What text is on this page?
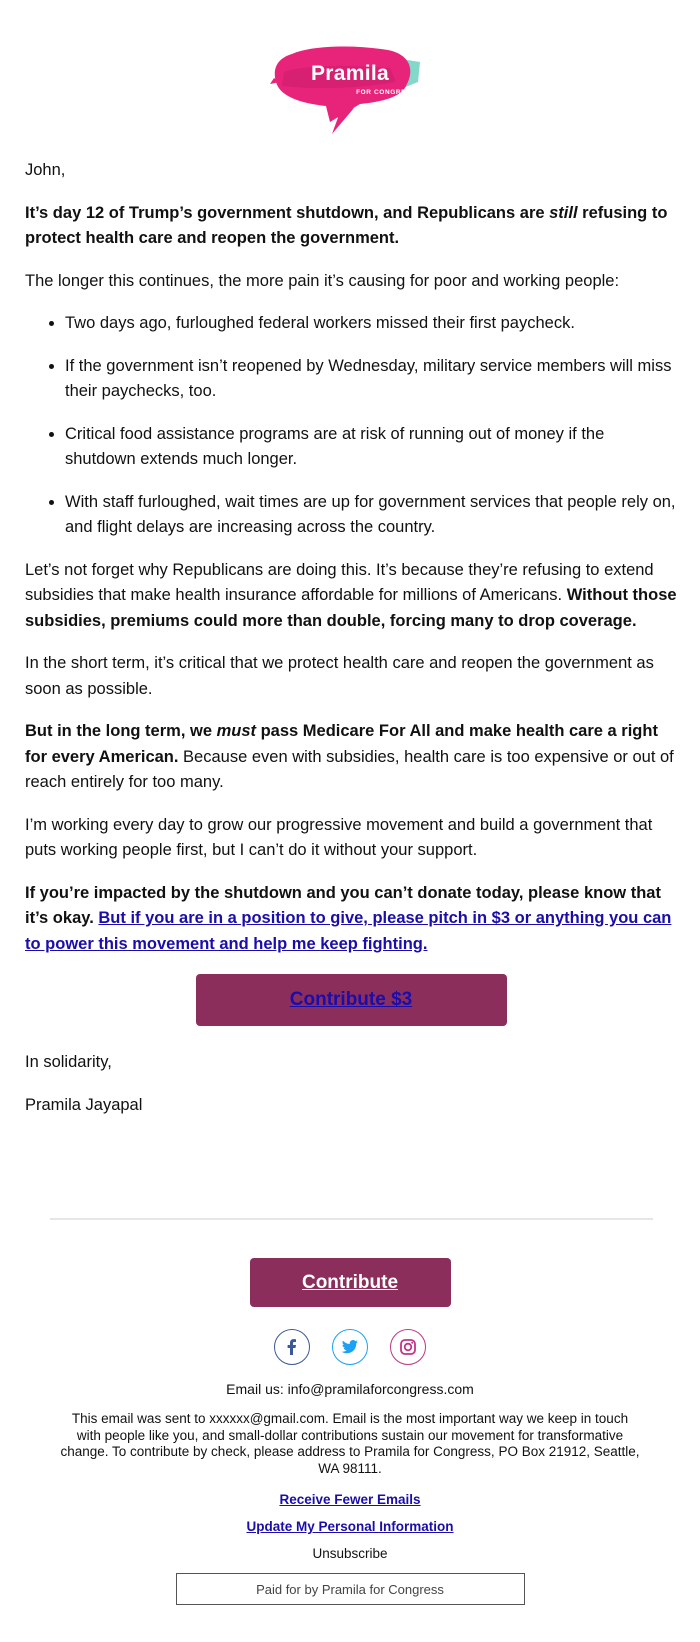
Pramila
FOR CONGRESS

John,

It’s day 12 of Trump’s government shutdown, and Republicans are still refusing to protect health care and reopen the government.

The longer this continues, the more pain it’s causing for poor and working people:

• Two days ago, furloughed federal workers missed their first paycheck.
• If the government isn’t reopened by Wednesday, military service members will miss their paychecks, too.
• Critical food assistance programs are at risk of running out of money if the shutdown extends much longer.
• With staff furloughed, wait times are up for government services that people rely on, and flight delays are increasing across the country.

Let’s not forget why Republicans are doing this. It’s because they’re refusing to extend subsidies that make health insurance affordable for millions of Americans. Without those subsidies, premiums could more than double, forcing many to drop coverage.

In the short term, it’s critical that we protect health care and reopen the government as soon as possible.

But in the long term, we must pass Medicare For All and make health care a right for every American. Because even with subsidies, health care is too expensive or out of reach entirely for too many.

I’m working every day to grow our progressive movement and build a government that puts working people first, but I can’t do it without your support.

If you’re impacted by the shutdown and you can’t donate today, please know that it’s okay. But if you are in a position to give, please pitch in $3 or anything you can to power this movement and help me keep fighting.

Contribute $3

In solidarity,

Pramila Jayapal

Contribute

Email us: info@pramilaforcongress.com
This email was sent to xxxxxx@gmail.com. Email is the most important way we keep in touch with people like you, and small-dollar contributions sustain our movement for transformative change. To contribute by check, please address to Pramila for Congress, PO Box 21912, Seattle, WA 98111.
Receive Fewer Emails
Update My Personal Information
Unsubscribe
Paid for by Pramila for Congress
